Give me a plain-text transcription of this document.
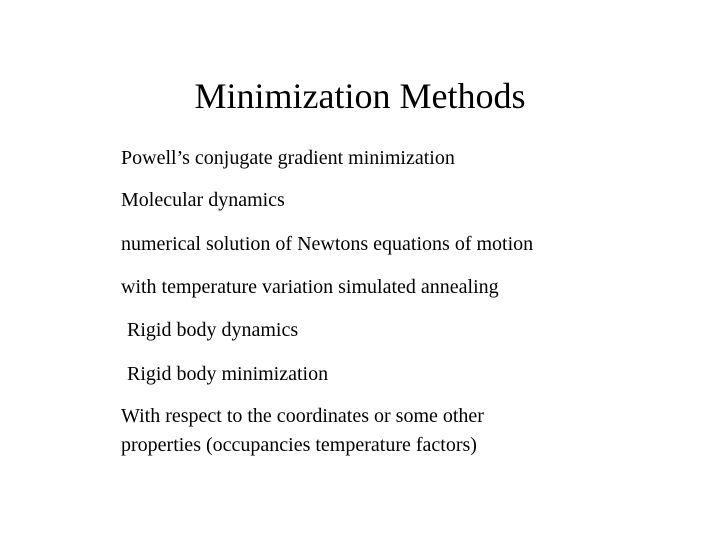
Minimization Methods
Powell’s conjugate gradient minimization
Molecular dynamics
numerical solution of Newtons equations of motion
with temperature variation simulated annealing
Rigid body dynamics
Rigid body minimization
With respect to the coordinates or some other
properties (occupancies temperature factors)
